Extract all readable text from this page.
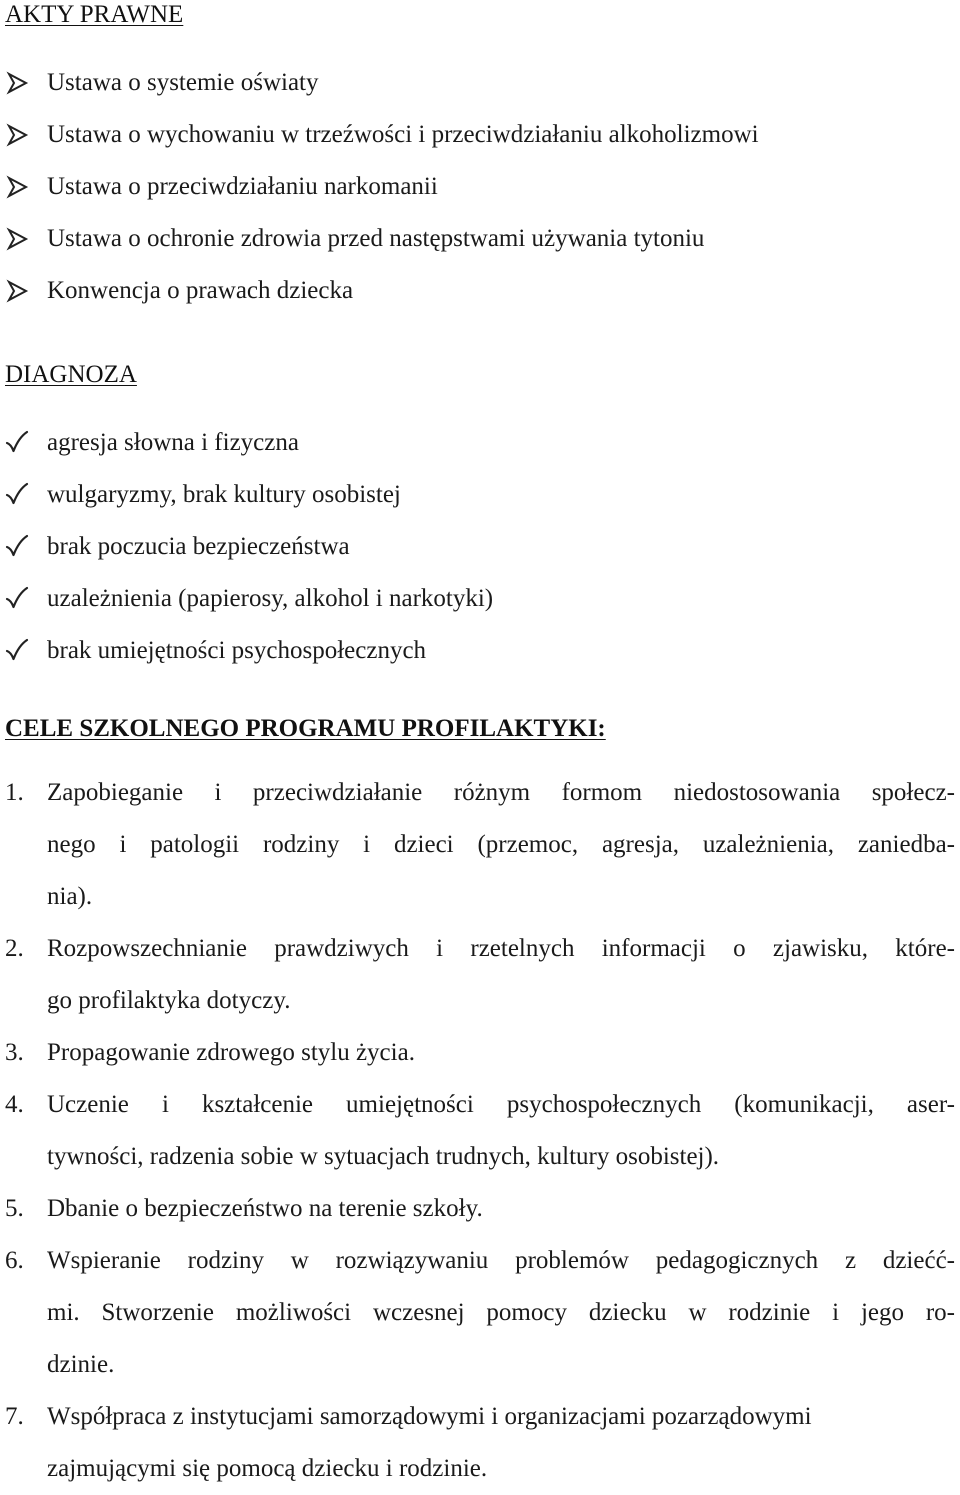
AKTY PRAWNE
Ustawa o systemie oświaty
Ustawa o wychowaniu w trzeźwości i przeciwdziałaniu alkoholizmowi
Ustawa o przeciwdziałaniu narkomanii
Ustawa o ochronie zdrowia przed następstwami używania tytoniu
Konwencja o prawach dziecka
DIAGNOZA
agresja słowna i fizyczna
wulgaryzmy, brak kultury osobistej
brak poczucia bezpieczeństwa
uzależnienia (papierosy, alkohol i narkotyki)
brak umiejętności psychospołecznych
CELE SZKOLNEGO PROGRAMU PROFILAKTYKI:
1. Zapobieganie i przeciwdziałanie różnym formom niedostosowania społecz-
nego i patologii rodziny i dzieci (przemoc, agresja, uzależnienia, zaniedba-
nia).
2. Rozpowszechnianie prawdziwych i rzetelnych informacji o zjawisku, które-
go profilaktyka dotyczy.
3. Propagowanie zdrowego stylu życia.
4. Uczenie i kształcenie umiejętności psychospołecznych (komunikacji, aser-
tywności, radzenia sobie w sytuacjach trudnych, kultury osobistej).
5. Dbanie o bezpieczeństwo na terenie szkoły.
6. Wspieranie rodziny w rozwiązywaniu problemów pedagogicznych z dziećć-
mi. Stworzenie możliwości wczesnej pomocy dziecku w rodzinie i jego ro-
dzinie.
7. Współpraca z instytucjami samorządowymi i organizacjami pozarządowymi
zajmującymi się pomocą dziecku i rodzinie.
